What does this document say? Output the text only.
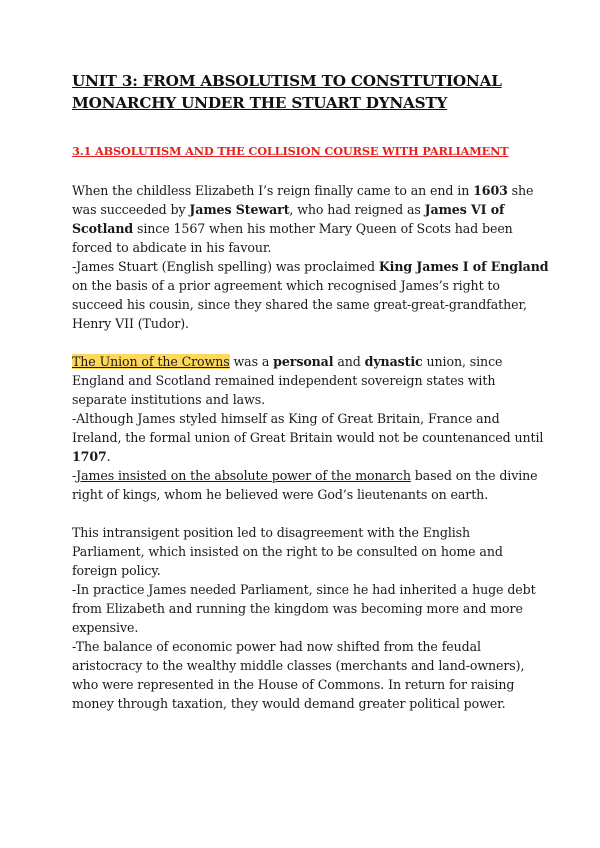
UNIT 3: FROM ABSOLUTISM TO CONSTTUTIONAL
MONARCHY UNDER THE STUART DYNASTY
3.1 ABSOLUTISM AND THE COLLISION COURSE WITH PARLIAMENT

When the childless Elizabeth I’s reign finally came to an end in 1603 she
was succeeded by James Stewart, who had reigned as James VI of
Scotland since 1567 when his mother Mary Queen of Scots had been
forced to abdicate in his favour.
-James Stuart (English spelling) was proclaimed King James I of England
on the basis of a prior agreement which recognised James’s right to
succeed his cousin, since they shared the same great-great-grandfather,
Henry VII (Tudor).

The Union of the Crowns was a personal and dynastic union, since
England and Scotland remained independent sovereign states with
separate institutions and laws.
-Although James styled himself as King of Great Britain, France and
Ireland, the formal union of Great Britain would not be countenanced until
1707.
-James insisted on the absolute power of the monarch based on the divine
right of kings, whom he believed were God’s lieutenants on earth.

This intransigent position led to disagreement with the English
Parliament, which insisted on the right to be consulted on home and
foreign policy.
-In practice James needed Parliament, since he had inherited a huge debt
from Elizabeth and running the kingdom was becoming more and more
expensive.
-The balance of economic power had now shifted from the feudal
aristocracy to the wealthy middle classes (merchants and land-owners),
who were represented in the House of Commons. In return for raising
money through taxation, they would demand greater political power.
